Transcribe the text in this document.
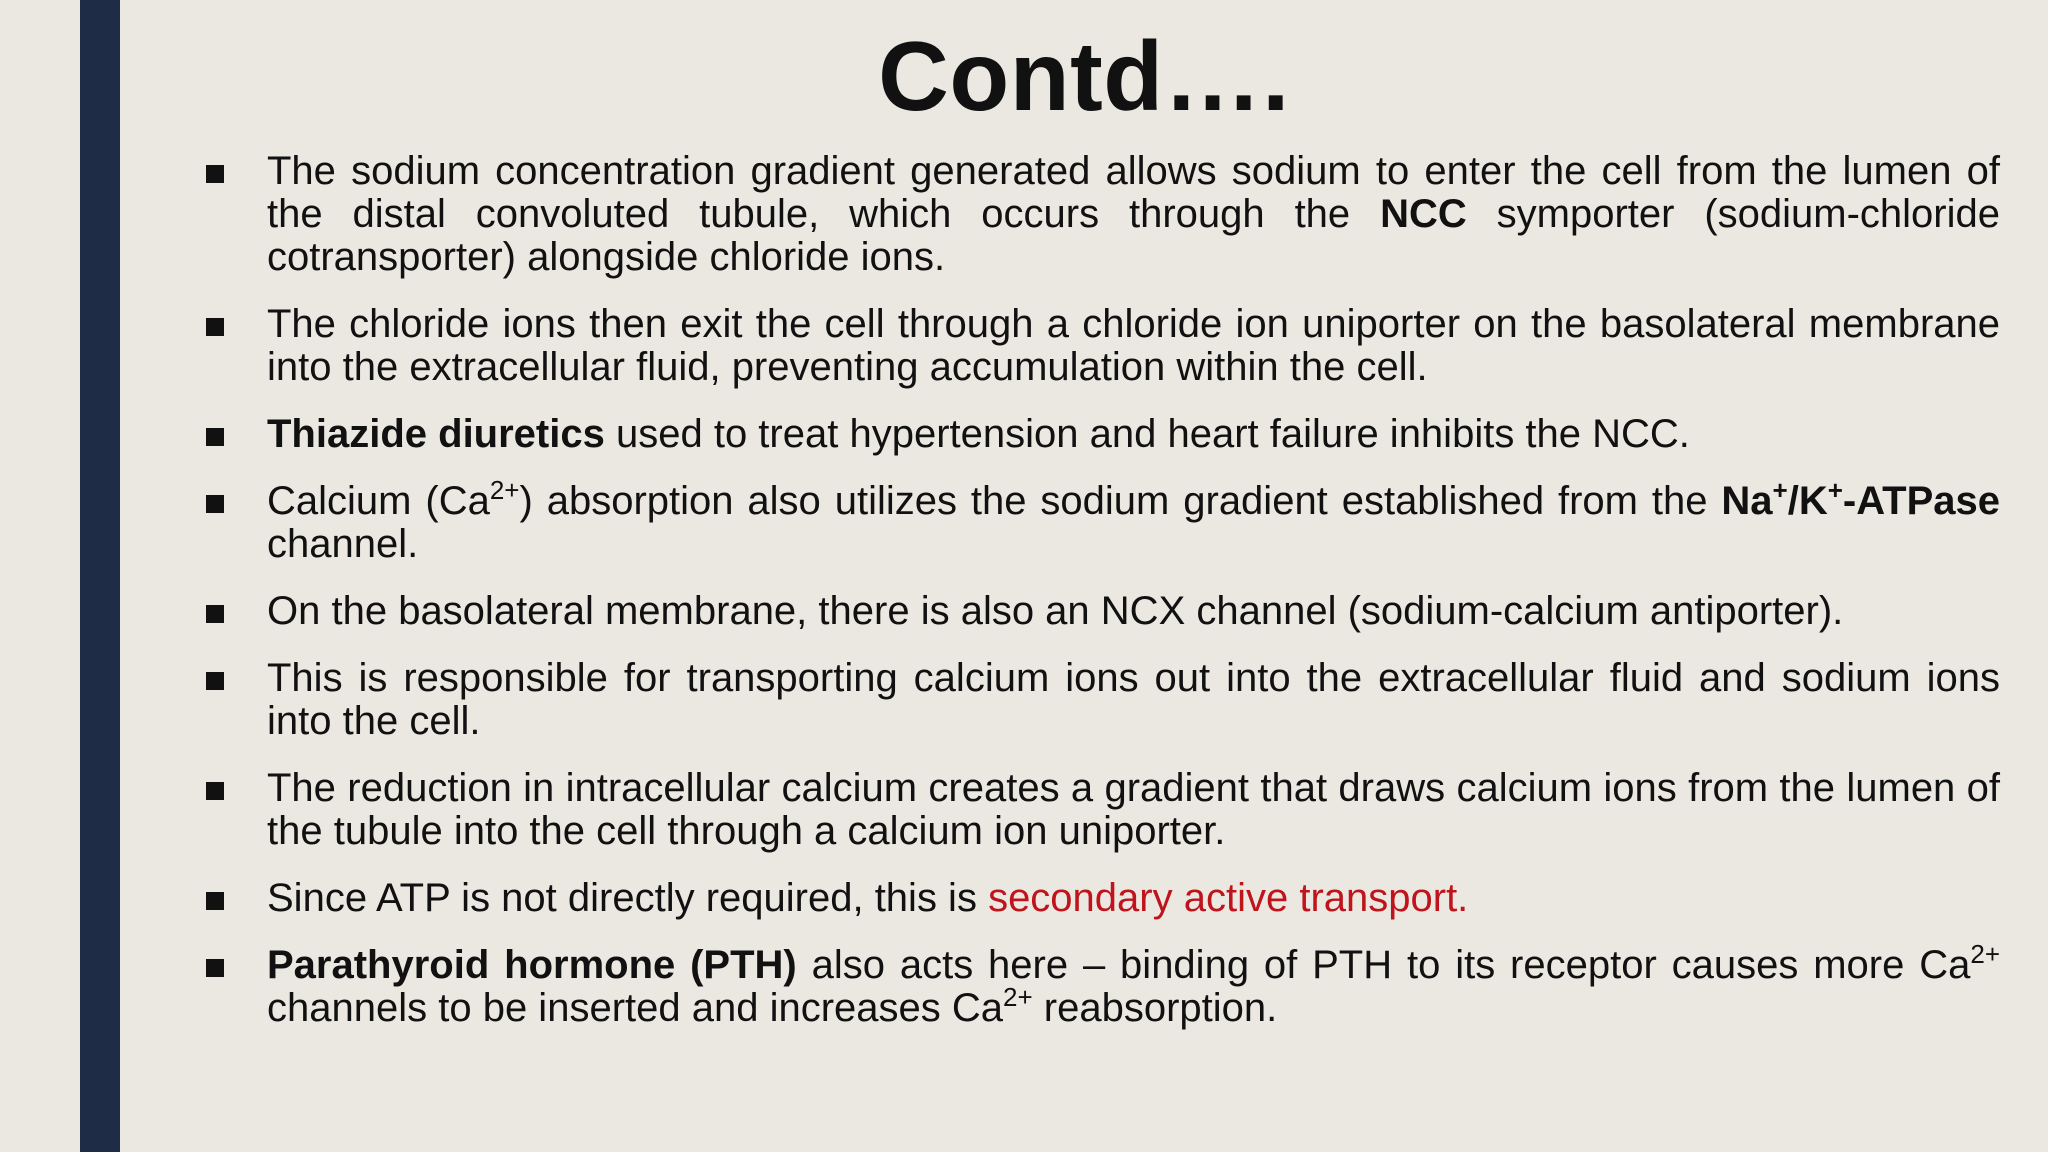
Contd….
The sodium concentration gradient generated allows sodium to enter the cell from the lumen of the distal convoluted tubule, which occurs through the NCC symporter (sodium-chloride cotransporter) alongside chloride ions.
The chloride ions then exit the cell through a chloride ion uniporter on the basolateral membrane into the extracellular fluid, preventing accumulation within the cell.
Thiazide diuretics used to treat hypertension and heart failure inhibits the NCC.
Calcium $(Ca^{2+})$ absorption also utilizes the sodium gradient established from the Na+/K+-ATPase channel.
On the basolateral membrane, there is also an NCX channel (sodium-calcium antiporter).
This is responsible for transporting calcium ions out into the extracellular fluid and sodium ions into the cell.
The reduction in intracellular calcium creates a gradient that draws calcium ions from the lumen of the tubule into the cell through a calcium ion uniporter.
Since ATP is not directly required, this is secondary active transport.
Parathyroid hormone (PTH) also acts here – binding of PTH to its receptor causes more $Ca^{2+}$ channels to be inserted and increases $Ca^{2+}$ reabsorption.
